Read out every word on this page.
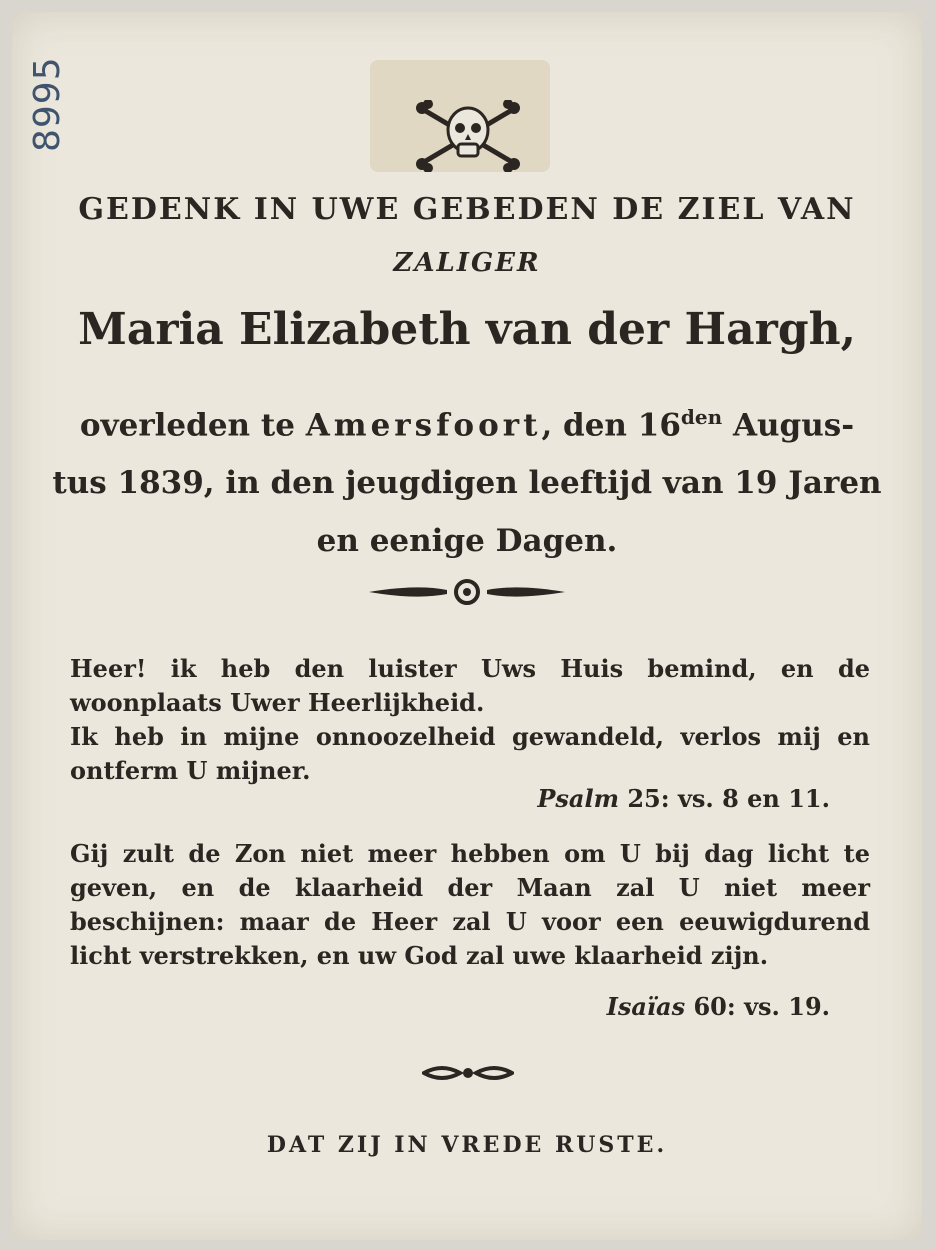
8995
GEDENK IN UWE GEBEDEN DE ZIEL VAN
ZALIGER
Maria Elizabeth van der Hargh,
overleden te Amersfoort, den $16^{den}$ Augus-
tus 1839, in den jeugdigen leeftijd van 19 Jaren
en eenige Dagen.
Heer! ik heb den luister Uws Huis bemind, en de woonplaats Uwer Heerlijkheid.
Ik heb in mijne onnoozelheid gewandeld, verlos mij en ontferm U mijner.
Psalm 25: vs. 8 en 11.
Gij zult de Zon niet meer hebben om U bij dag licht te geven, en de klaarheid der Maan zal U niet meer beschijnen: maar de Heer zal U voor een eeuwigdurend licht verstrekken, en uw God zal uwe klaarheid zijn.
Isaïas 60: vs. 19.
DAT ZIJ IN VREDE RUSTE.
